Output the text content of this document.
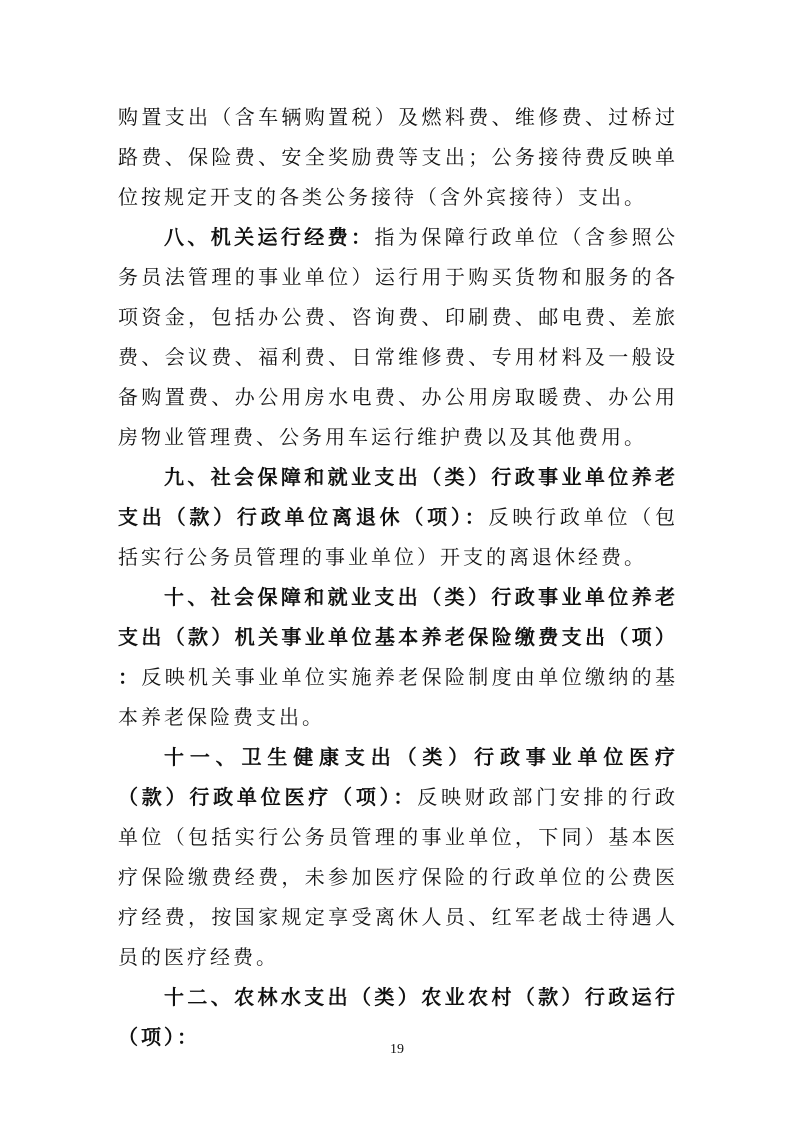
购置支出（含车辆购置税）及燃料费、维修费、过桥过路费、保险费、安全奖励费等支出；公务接待费反映单位按规定开支的各类公务接待（含外宾接待）支出。

八、机关运行经费：指为保障行政单位（含参照公务员法管理的事业单位）运行用于购买货物和服务的各项资金，包括办公费、咨询费、印刷费、邮电费、差旅费、会议费、福利费、日常维修费、专用材料及一般设备购置费、办公用房水电费、办公用房取暖费、办公用房物业管理费、公务用车运行维护费以及其他费用。

九、社会保障和就业支出（类）行政事业单位养老支出（款）行政单位离退休（项）：反映行政单位（包括实行公务员管理的事业单位）开支的离退休经费。

十、社会保障和就业支出（类）行政事业单位养老支出（款）机关事业单位基本养老保险缴费支出（项）  ：反映机关事业单位实施养老保险制度由单位缴纳的基本养老保险费支出。

十一、卫生健康支出（类）行政事业单位医疗（款）行政单位医疗（项）：反映财政部门安排的行政单位（包括实行公务员管理的事业单位，下同）基本医疗保险缴费经费，未参加医疗保险的行政单位的公费医疗经费，按国家规定享受离休人员、红军老战士待遇人员的医疗经费。

十二、农林水支出（类）农业农村（款）行政运行（项）：

19
